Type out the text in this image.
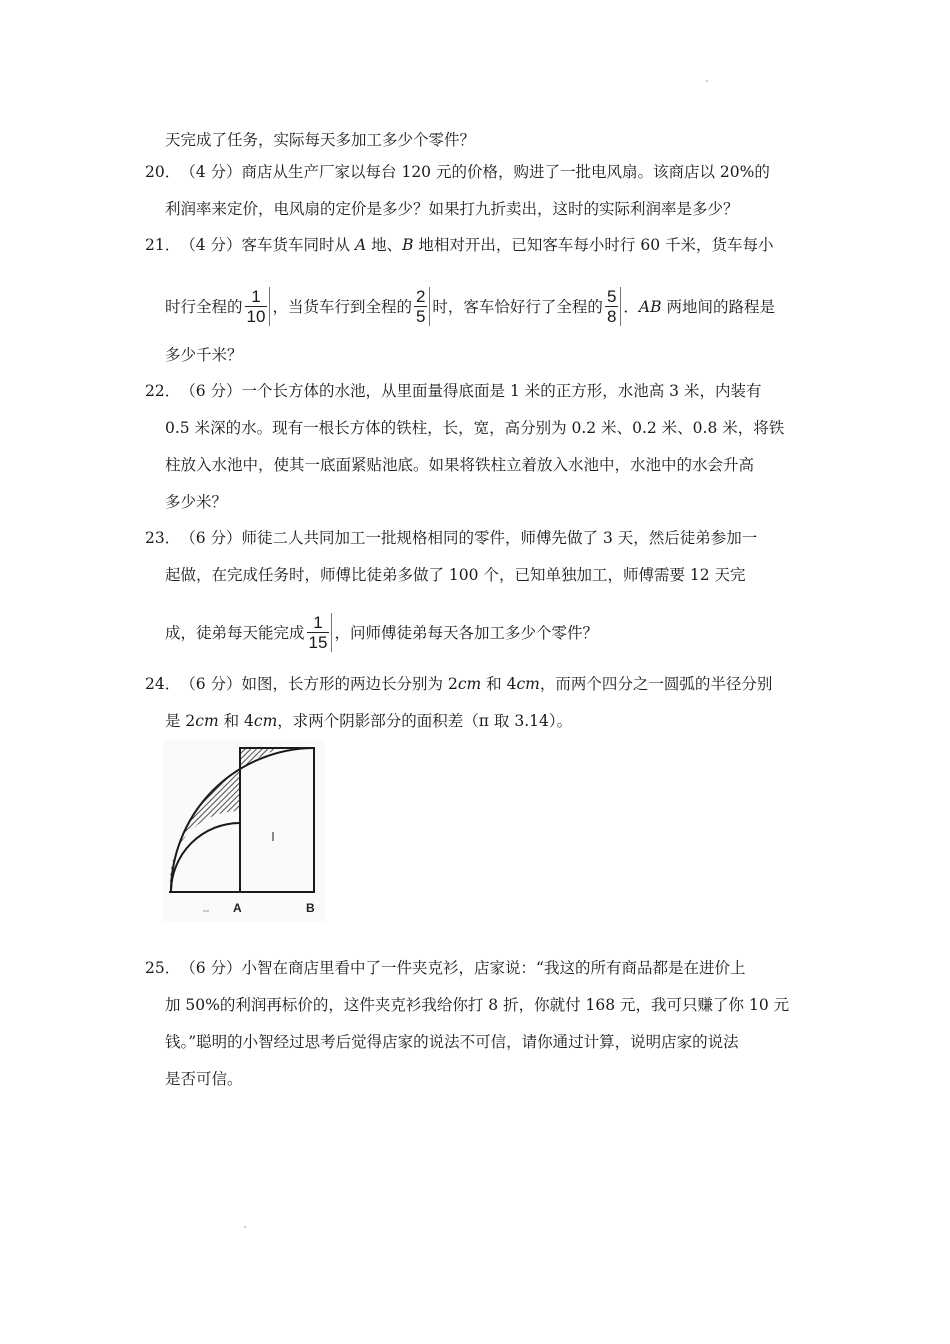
天完成了任务，实际每天多加工多少个零件？
20．（4 分）商店从生产厂家以每台 120 元的价格，购进了一批电风扇。该商店以 20%的
利润率来定价，电风扇的定价是多少？如果打九折卖出，这时的实际利润率是多少？
21．（4 分）客车货车同时从 A 地、B 地相对开出，已知客车每小时行 60 千米，货车每小
时行全程的 $\frac{1}{10}$ ，当货车行到全程的 $\frac{2}{5}$ 时，客车恰好行了全程的 $\frac{5}{8}$ ．AB 两地间的路程是
多少千米？
22．（6 分）一个长方体的水池，从里面量得底面是 1 米的正方形，水池高 3 米，内装有
0.5 米深的水。现有一根长方体的铁柱，长，宽，高分别为 0.2 米、0.2 米、0.8 米，将铁
柱放入水池中，使其一底面紧贴池底。如果将铁柱立着放入水池中，水池中的水会升高
多少米？
23．（6 分）师徒二人共同加工一批规格相同的零件，师傅先做了 3 天，然后徒弟参加一
起做，在完成任务时，师傅比徒弟多做了 100 个，已知单独加工，师傅需要 12 天完
成，徒弟每天能完成 $\frac{1}{15}$ ，问师傅徒弟每天各加工多少个零件？
24．（6 分）如图，长方形的两边长分别为 2cm 和 4cm，而两个四分之一圆弧的半径分别
是 2cm 和 4cm，求两个阴影部分的面积差（π 取 3.14）。
A	B
25．（6 分）小智在商店里看中了一件夹克衫，店家说：“我这的所有商品都是在进价上
加 50%的利润再标价的，这件夹克衫我给你打 8 折，你就付 168 元，我可只赚了你 10 元
钱。”聪明的小智经过思考后觉得店家的说法不可信，请你通过计算，说明店家的说法
是否可信。
